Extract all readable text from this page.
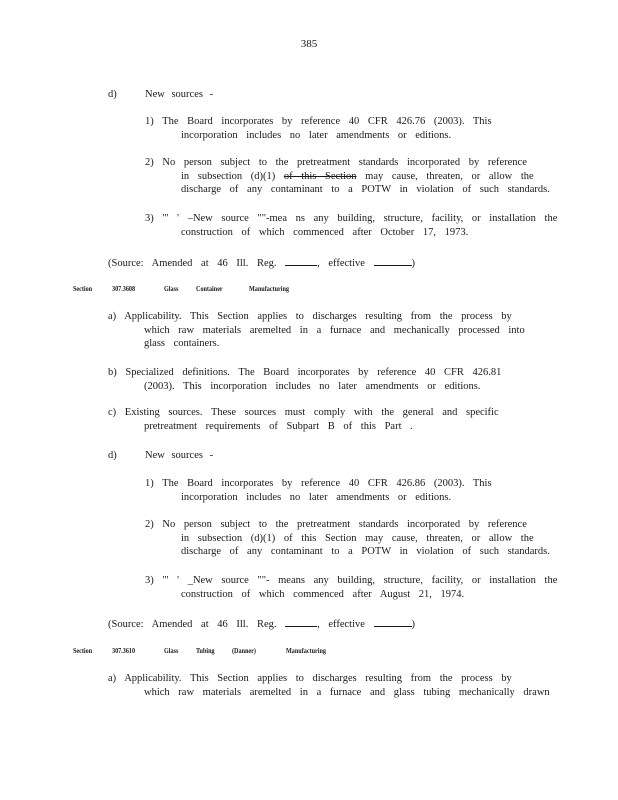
385
d)	New sources -
1) The Board incorporates by reference 40 CFR 426.76 (2003). This
incorporation includes no later amendments or editions.
2) No person subject to the pretreatment standards incorporated by reference
in subsection (d)(1) of this Section may cause, threaten, or allow the
discharge of any contaminant to a POTW in violation of such standards.
3) "' ' –New source ""-mea ns any building, structure, facility, or installation the
construction of which commenced after October 17, 1973.
(Source: Amended at 46 Ill. Reg.	, effective	)
Section	307.3608	Glass Container	Manufacturing
a) Applicability. This Section applies to discharges resulting from the process by
which raw materials aremelted in a furnace and mechanically processed into
glass containers.
b) Specialized definitions. The Board incorporates by reference 40 CFR 426.81
(2003). This incorporation includes no later amendments or editions.
c) Existing sources. These sources must comply with the general and specific
pretreatment requirements of Subpart B of this Part .
d)	New sources -
1) The Board incorporates by reference 40 CFR 426.86 (2003). This
incorporation includes no later amendments or editions.
2) No person subject to the pretreatment standards incorporated by reference
in subsection (d)(1) of this Section may cause, threaten, or allow the
discharge of any contaminant to a POTW in violation of such standards.
3) "' ' _New source ""- means any building, structure, facility, or installation the
construction of which commenced after August 21, 1974.
(Source: Amended at 46 Ill. Reg.	, effective	)
Section	307.3610	Glass Tubing (Danner)	Manufacturing
a) Applicability. This Section applies to discharges resulting from the process by
which raw materials aremelted in a furnace and glass tubing mechanically drawn
